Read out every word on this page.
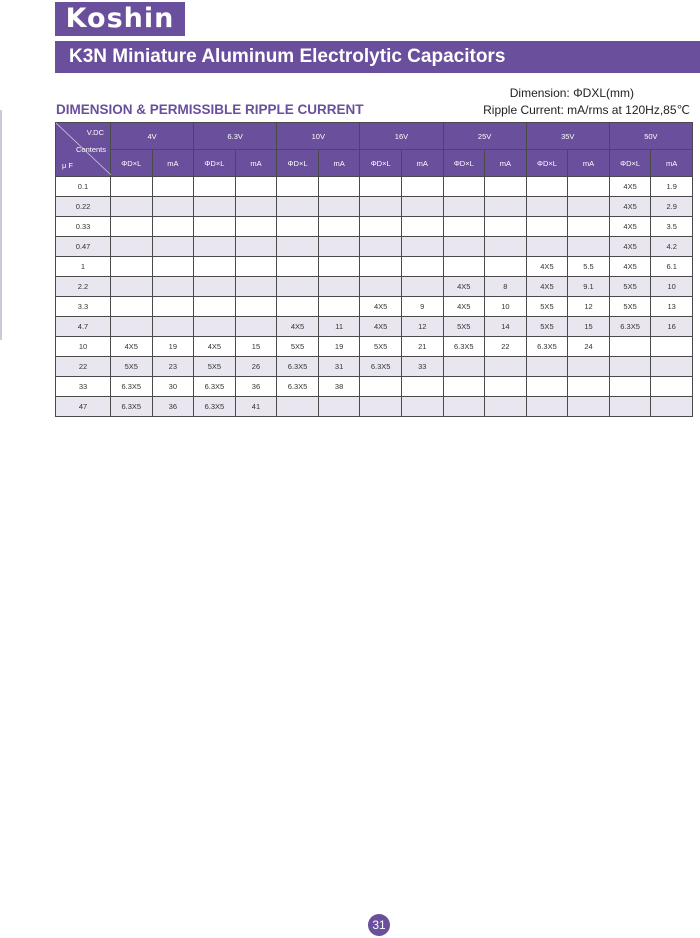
Koshin
K3N Miniature Aluminum Electrolytic Capacitors
Dimension: ΦDXL(mm)
DIMENSION & PERMISSIBLE RIPPLE CURRENT	Ripple Current: mA/rms at 120Hz,85℃
V.DC
Contents
μ F	4V		6.3V		10V		16V		25V		35V		50V	
	ΦD×L	mA	ΦD×L	mA	ΦD×L	mA	ΦD×L	mA	ΦD×L	mA	ΦD×L	mA	ΦD×L	mA
0.1													4X5	1.9
0.22													4X5	2.9
0.33													4X5	3.5
0.47													4X5	4.2
1											4X5	5.5	4X5	6.1
2.2									4X5	8	4X5	9.1	5X5	10
3.3							4X5	9	4X5	10	5X5	12	5X5	13
4.7					4X5	11	4X5	12	5X5	14	5X5	15	6.3X5	16
10	4X5	19	4X5	15	5X5	19	5X5	21	6.3X5	22	6.3X5	24		
22	5X5	23	5X5	26	6.3X5	31	6.3X5	33						
33	6.3X5	30	6.3X5	36	6.3X5	38								
47	6.3X5	36	6.3X5	41										
31
